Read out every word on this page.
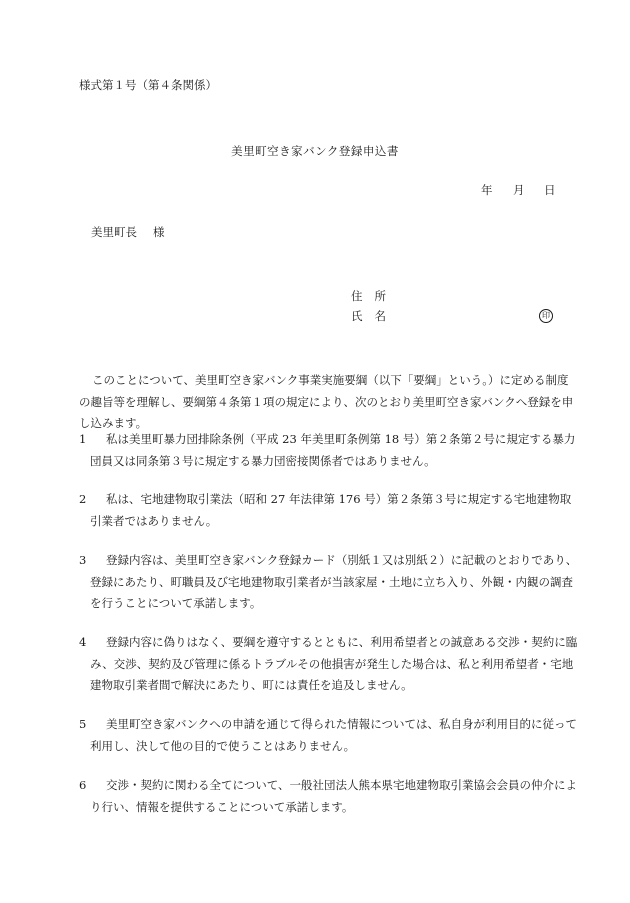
様式第１号（第４条関係）
美里町空き家バンク登録申込書
年 月 日
美里町長 様
住所
氏名	印
このことについて、美里町空き家バンク事業実施要綱（以下「要綱」という。）に定める制度の趣旨等を理解し、要綱第４条第１項の規定により、次のとおり美里町空き家バンクへ登録を申し込みます。
1	私は美里町暴力団排除条例（平成 23 年美里町条例第 18 号）第２条第２号に規定する暴力団員又は同条第３号に規定する暴力団密接関係者ではありません。
2	私は、宅地建物取引業法（昭和 27 年法律第 176 号）第２条第３号に規定する宅地建物取引業者ではありません。
3	登録内容は、美里町空き家バンク登録カード（別紙１又は別紙２）に記載のとおりであり、登録にあたり、町職員及び宅地建物取引業者が当該家屋・土地に立ち入り、外観・内観の調査を行うことについて承諾します。
4	登録内容に偽りはなく、要綱を遵守するとともに、利用希望者との誠意ある交渉・契約に臨み、交渉、契約及び管理に係るトラブルその他損害が発生した場合は、私と利用希望者・宅地建物取引業者間で解決にあたり、町には責任を追及しません。
5	美里町空き家バンクへの申請を通じて得られた情報については、私自身が利用目的に従って利用し、決して他の目的で使うことはありません。
6	交渉・契約に関わる全てについて、一般社団法人熊本県宅地建物取引業協会会員の仲介により行い、情報を提供することについて承諾します。
